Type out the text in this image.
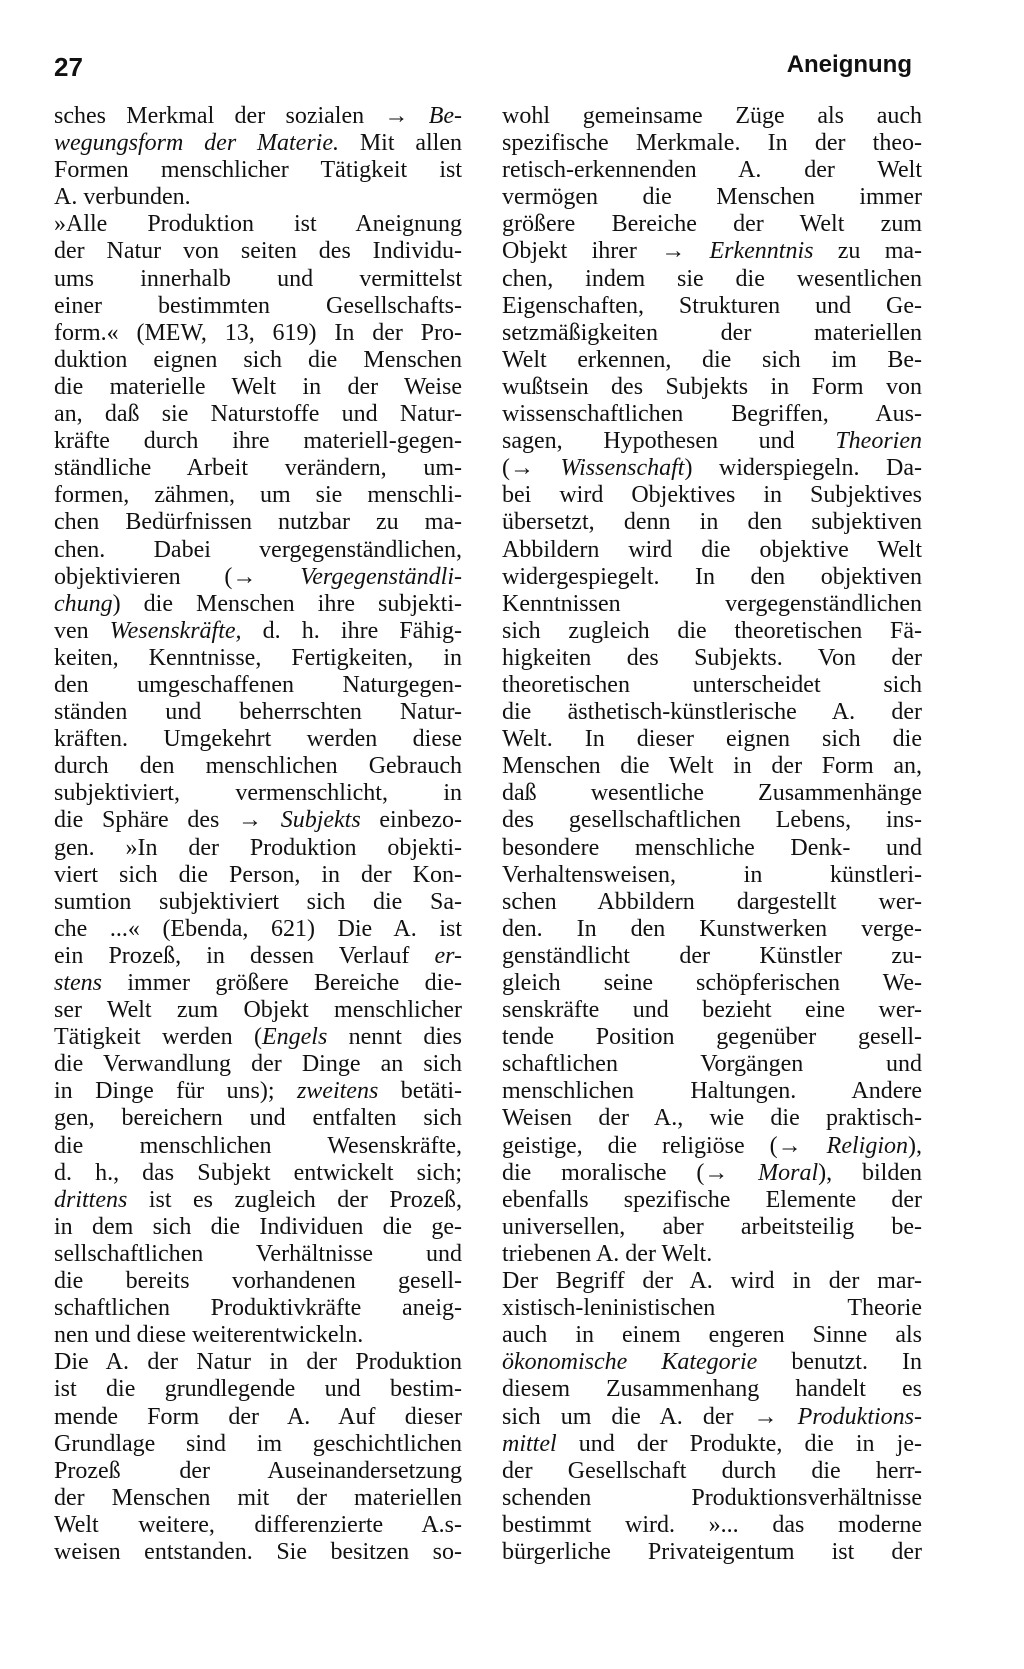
27	Aneignung
sches Merkmal der sozialen → Be-
wegungsform der Materie. Mit allen
Formen menschlicher Tätigkeit ist
A. verbunden.
»Alle Produktion ist Aneignung
der Natur von seiten des Individu-
ums innerhalb und vermittelst
einer bestimmten Gesellschafts-
form.« (MEW, 13, 619) In der Pro-
duktion eignen sich die Menschen
die materielle Welt in der Weise
an, daß sie Naturstoffe und Natur-
kräfte durch ihre materiell-gegen-
ständliche Arbeit verändern, um-
formen, zähmen, um sie menschli-
chen Bedürfnissen nutzbar zu ma-
chen. Dabei vergegenständlichen,
objektivieren (→ Vergegenständli-
chung) die Menschen ihre subjekti-
ven Wesenskräfte, d. h. ihre Fähig-
keiten, Kenntnisse, Fertigkeiten, in
den umgeschaffenen Naturgegen-
ständen und beherrschten Natur-
kräften. Umgekehrt werden diese
durch den menschlichen Gebrauch
subjektiviert, vermenschlicht, in
die Sphäre des → Subjekts einbezo-
gen. »In der Produktion objekti-
viert sich die Person, in der Kon-
sumtion subjektiviert sich die Sa-
che ...« (Ebenda, 621) Die A. ist
ein Prozeß, in dessen Verlauf er-
stens immer größere Bereiche die-
ser Welt zum Objekt menschlicher
Tätigkeit werden (Engels nennt dies
die Verwandlung der Dinge an sich
in Dinge für uns); zweitens betäti-
gen, bereichern und entfalten sich
die menschlichen Wesenskräfte,
d. h., das Subjekt entwickelt sich;
drittens ist es zugleich der Prozeß,
in dem sich die Individuen die ge-
sellschaftlichen Verhältnisse und
die bereits vorhandenen gesell-
schaftlichen Produktivkräfte aneig-
nen und diese weiterentwickeln.
Die A. der Natur in der Produktion
ist die grundlegende und bestim-
mende Form der A. Auf dieser
Grundlage sind im geschichtlichen
Prozeß der Auseinandersetzung
der Menschen mit der materiellen
Welt weitere, differenzierte A.s-
weisen entstanden. Sie besitzen so-
wohl gemeinsame Züge als auch
spezifische Merkmale. In der theo-
retisch-erkennenden A. der Welt
vermögen die Menschen immer
größere Bereiche der Welt zum
Objekt ihrer → Erkenntnis zu ma-
chen, indem sie die wesentlichen
Eigenschaften, Strukturen und Ge-
setzmäßigkeiten der materiellen
Welt erkennen, die sich im Be-
wußtsein des Subjekts in Form von
wissenschaftlichen Begriffen, Aus-
sagen, Hypothesen und Theorien
(→ Wissenschaft) widerspiegeln. Da-
bei wird Objektives in Subjektives
übersetzt, denn in den subjektiven
Abbildern wird die objektive Welt
widergespiegelt. In den objektiven
Kenntnissen vergegenständlichen
sich zugleich die theoretischen Fä-
higkeiten des Subjekts. Von der
theoretischen unterscheidet sich
die ästhetisch-künstlerische A. der
Welt. In dieser eignen sich die
Menschen die Welt in der Form an,
daß wesentliche Zusammenhänge
des gesellschaftlichen Lebens, ins-
besondere menschliche Denk- und
Verhaltensweisen, in künstleri-
schen Abbildern dargestellt wer-
den. In den Kunstwerken verge-
genständlicht der Künstler zu-
gleich seine schöpferischen We-
senskräfte und bezieht eine wer-
tende Position gegenüber gesell-
schaftlichen Vorgängen und
menschlichen Haltungen. Andere
Weisen der A., wie die praktisch-
geistige, die religiöse (→ Religion),
die moralische (→ Moral), bilden
ebenfalls spezifische Elemente der
universellen, aber arbeitsteilig be-
triebenen A. der Welt.
Der Begriff der A. wird in der mar-
xistisch-leninistischen Theorie
auch in einem engeren Sinne als
ökonomische Kategorie benutzt. In
diesem Zusammenhang handelt es
sich um die A. der → Produktions-
mittel und der Produkte, die in je-
der Gesellschaft durch die herr-
schenden Produktionsverhältnisse
bestimmt wird. »... das moderne
bürgerliche Privateigentum ist der
